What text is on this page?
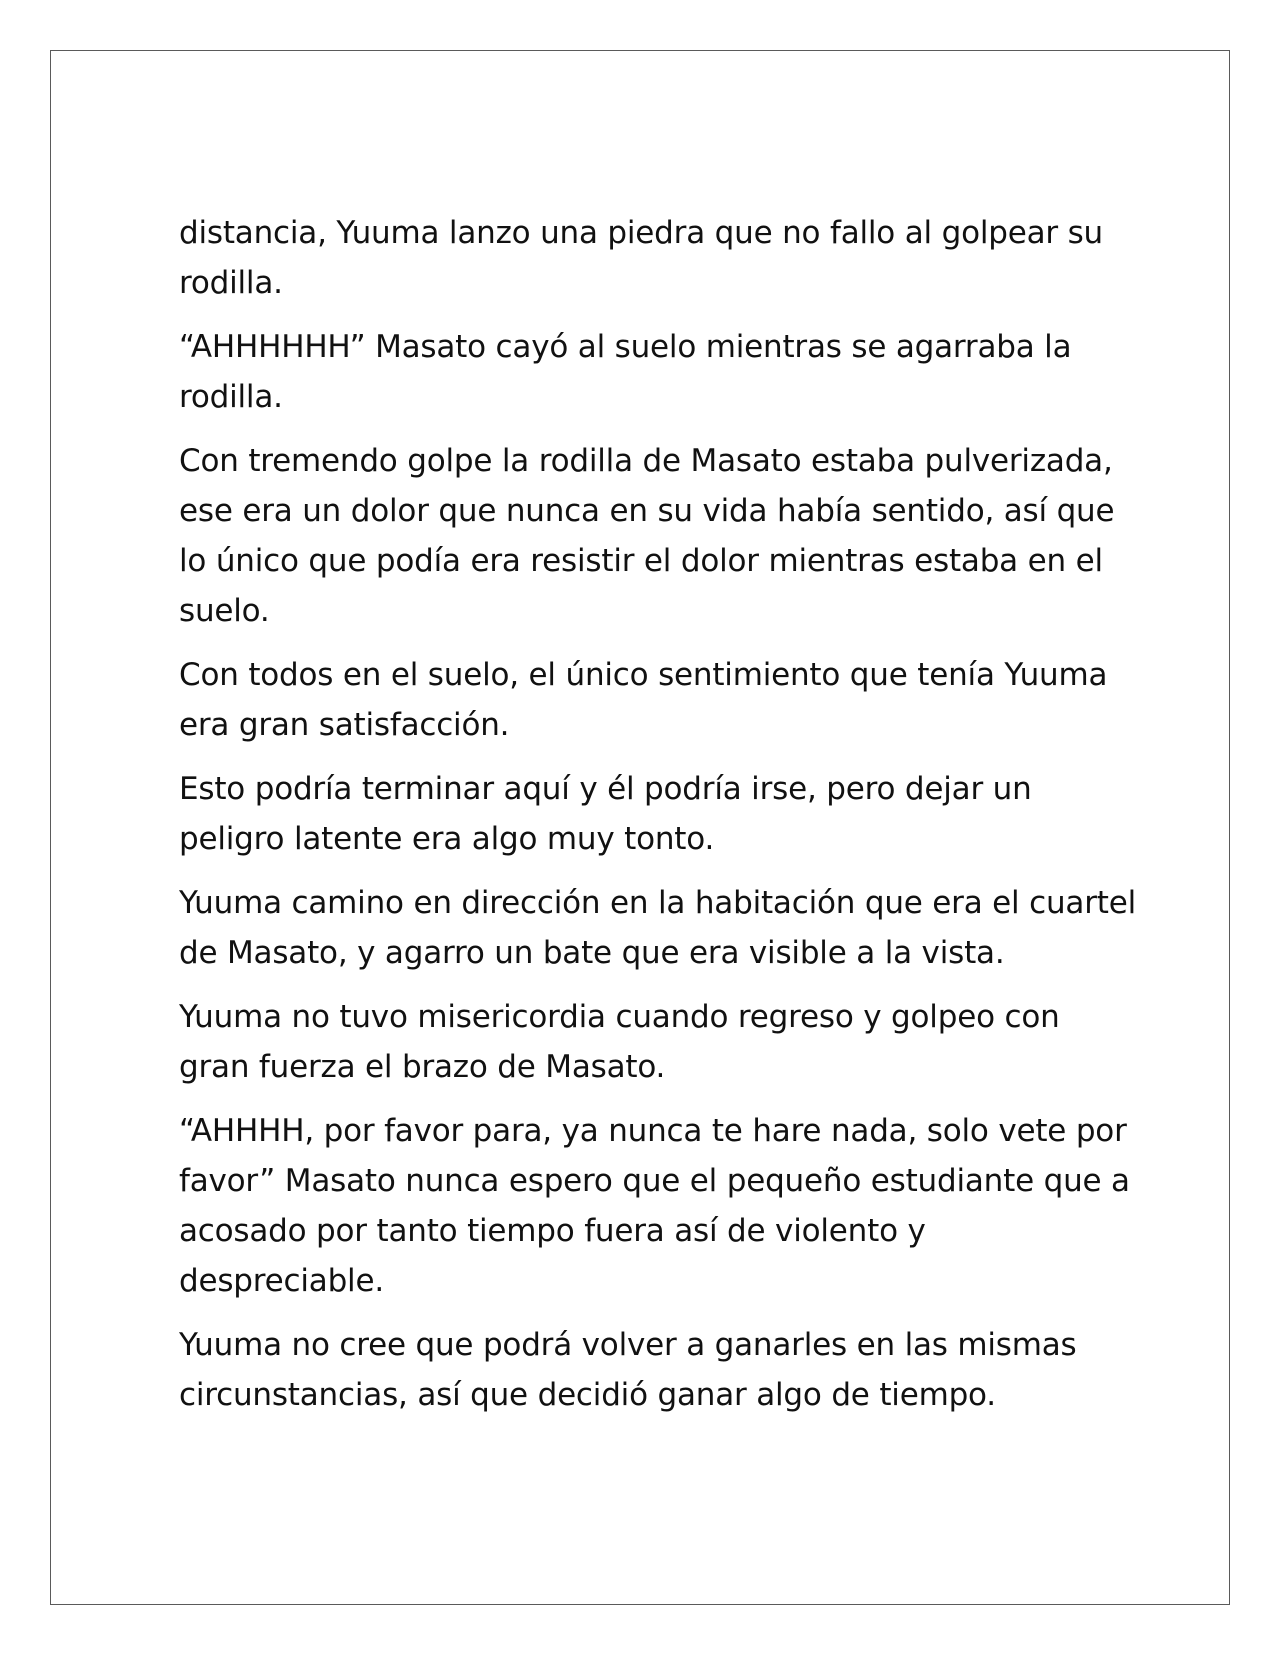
distancia, Yuuma lanzo una piedra que no fallo al golpear su rodilla.

“AHHHHHH” Masato cayó al suelo mientras se agarraba la rodilla.

Con tremendo golpe la rodilla de Masato estaba pulverizada, ese era un dolor que nunca en su vida había sentido, así que lo único que podía era resistir el dolor mientras estaba en el suelo.

Con todos en el suelo, el único sentimiento que tenía Yuuma era gran satisfacción.

Esto podría terminar aquí y él podría irse, pero dejar un peligro latente era algo muy tonto.

Yuuma camino en dirección en la habitación que era el cuartel de Masato, y agarro un bate que era visible a la vista.

Yuuma no tuvo misericordia cuando regreso y golpeo con gran fuerza el brazo de Masato.

“AHHHH, por favor para, ya nunca te hare nada, solo vete por favor” Masato nunca espero que el pequeño estudiante que a acosado por tanto tiempo fuera así de violento y despreciable.

Yuuma no cree que podrá volver a ganarles en las mismas circunstancias, así que decidió ganar algo de tiempo.
